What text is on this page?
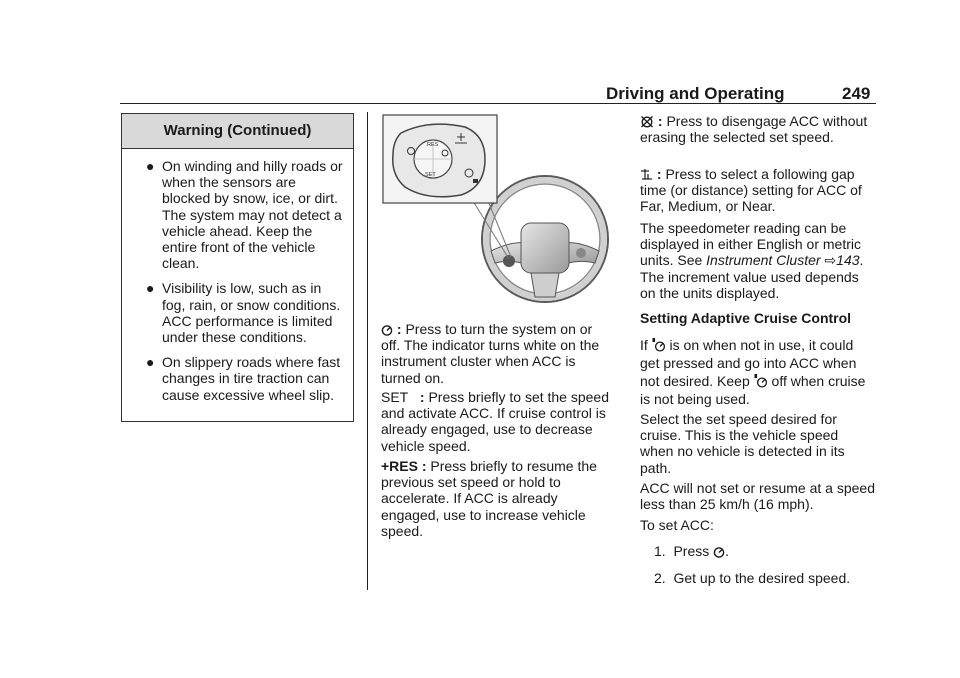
Driving and Operating	249
Warning (Continued)
● On winding and hilly roads or when the sensors are blocked by snow, ice, or dirt. The system may not detect a vehicle ahead. Keep the entire front of the vehicle clean.
● Visibility is low, such as in fog, rain, or snow conditions. ACC performance is limited under these conditions.
● On slippery roads where fast changes in tire traction can cause excessive wheel slip.
RES
SET
: Press to turn the system on or off. The indicator turns white on the instrument cluster when ACC is turned on.
SET   : Press briefly to set the speed and activate ACC. If cruise control is already engaged, use to decrease vehicle speed.
+RES : Press briefly to resume the previous set speed or hold to accelerate. If ACC is already engaged, use to increase vehicle speed.
: Press to disengage ACC without erasing the selected set speed.
: Press to select a following gap time (or distance) setting for ACC of Far, Medium, or Near.
The speedometer reading can be displayed in either English or metric units. See Instrument Cluster ⇨143. The increment value used depends on the units displayed.
Setting Adaptive Cruise Control
If  is on when not in use, it could get pressed and go into ACC when not desired. Keep  off when cruise is not being used.
Select the set speed desired for cruise. This is the vehicle speed when no vehicle is detected in its path.
ACC will not set or resume at a speed less than 25 km/h (16 mph).
To set ACC:
1. Press .
2. Get up to the desired speed.
